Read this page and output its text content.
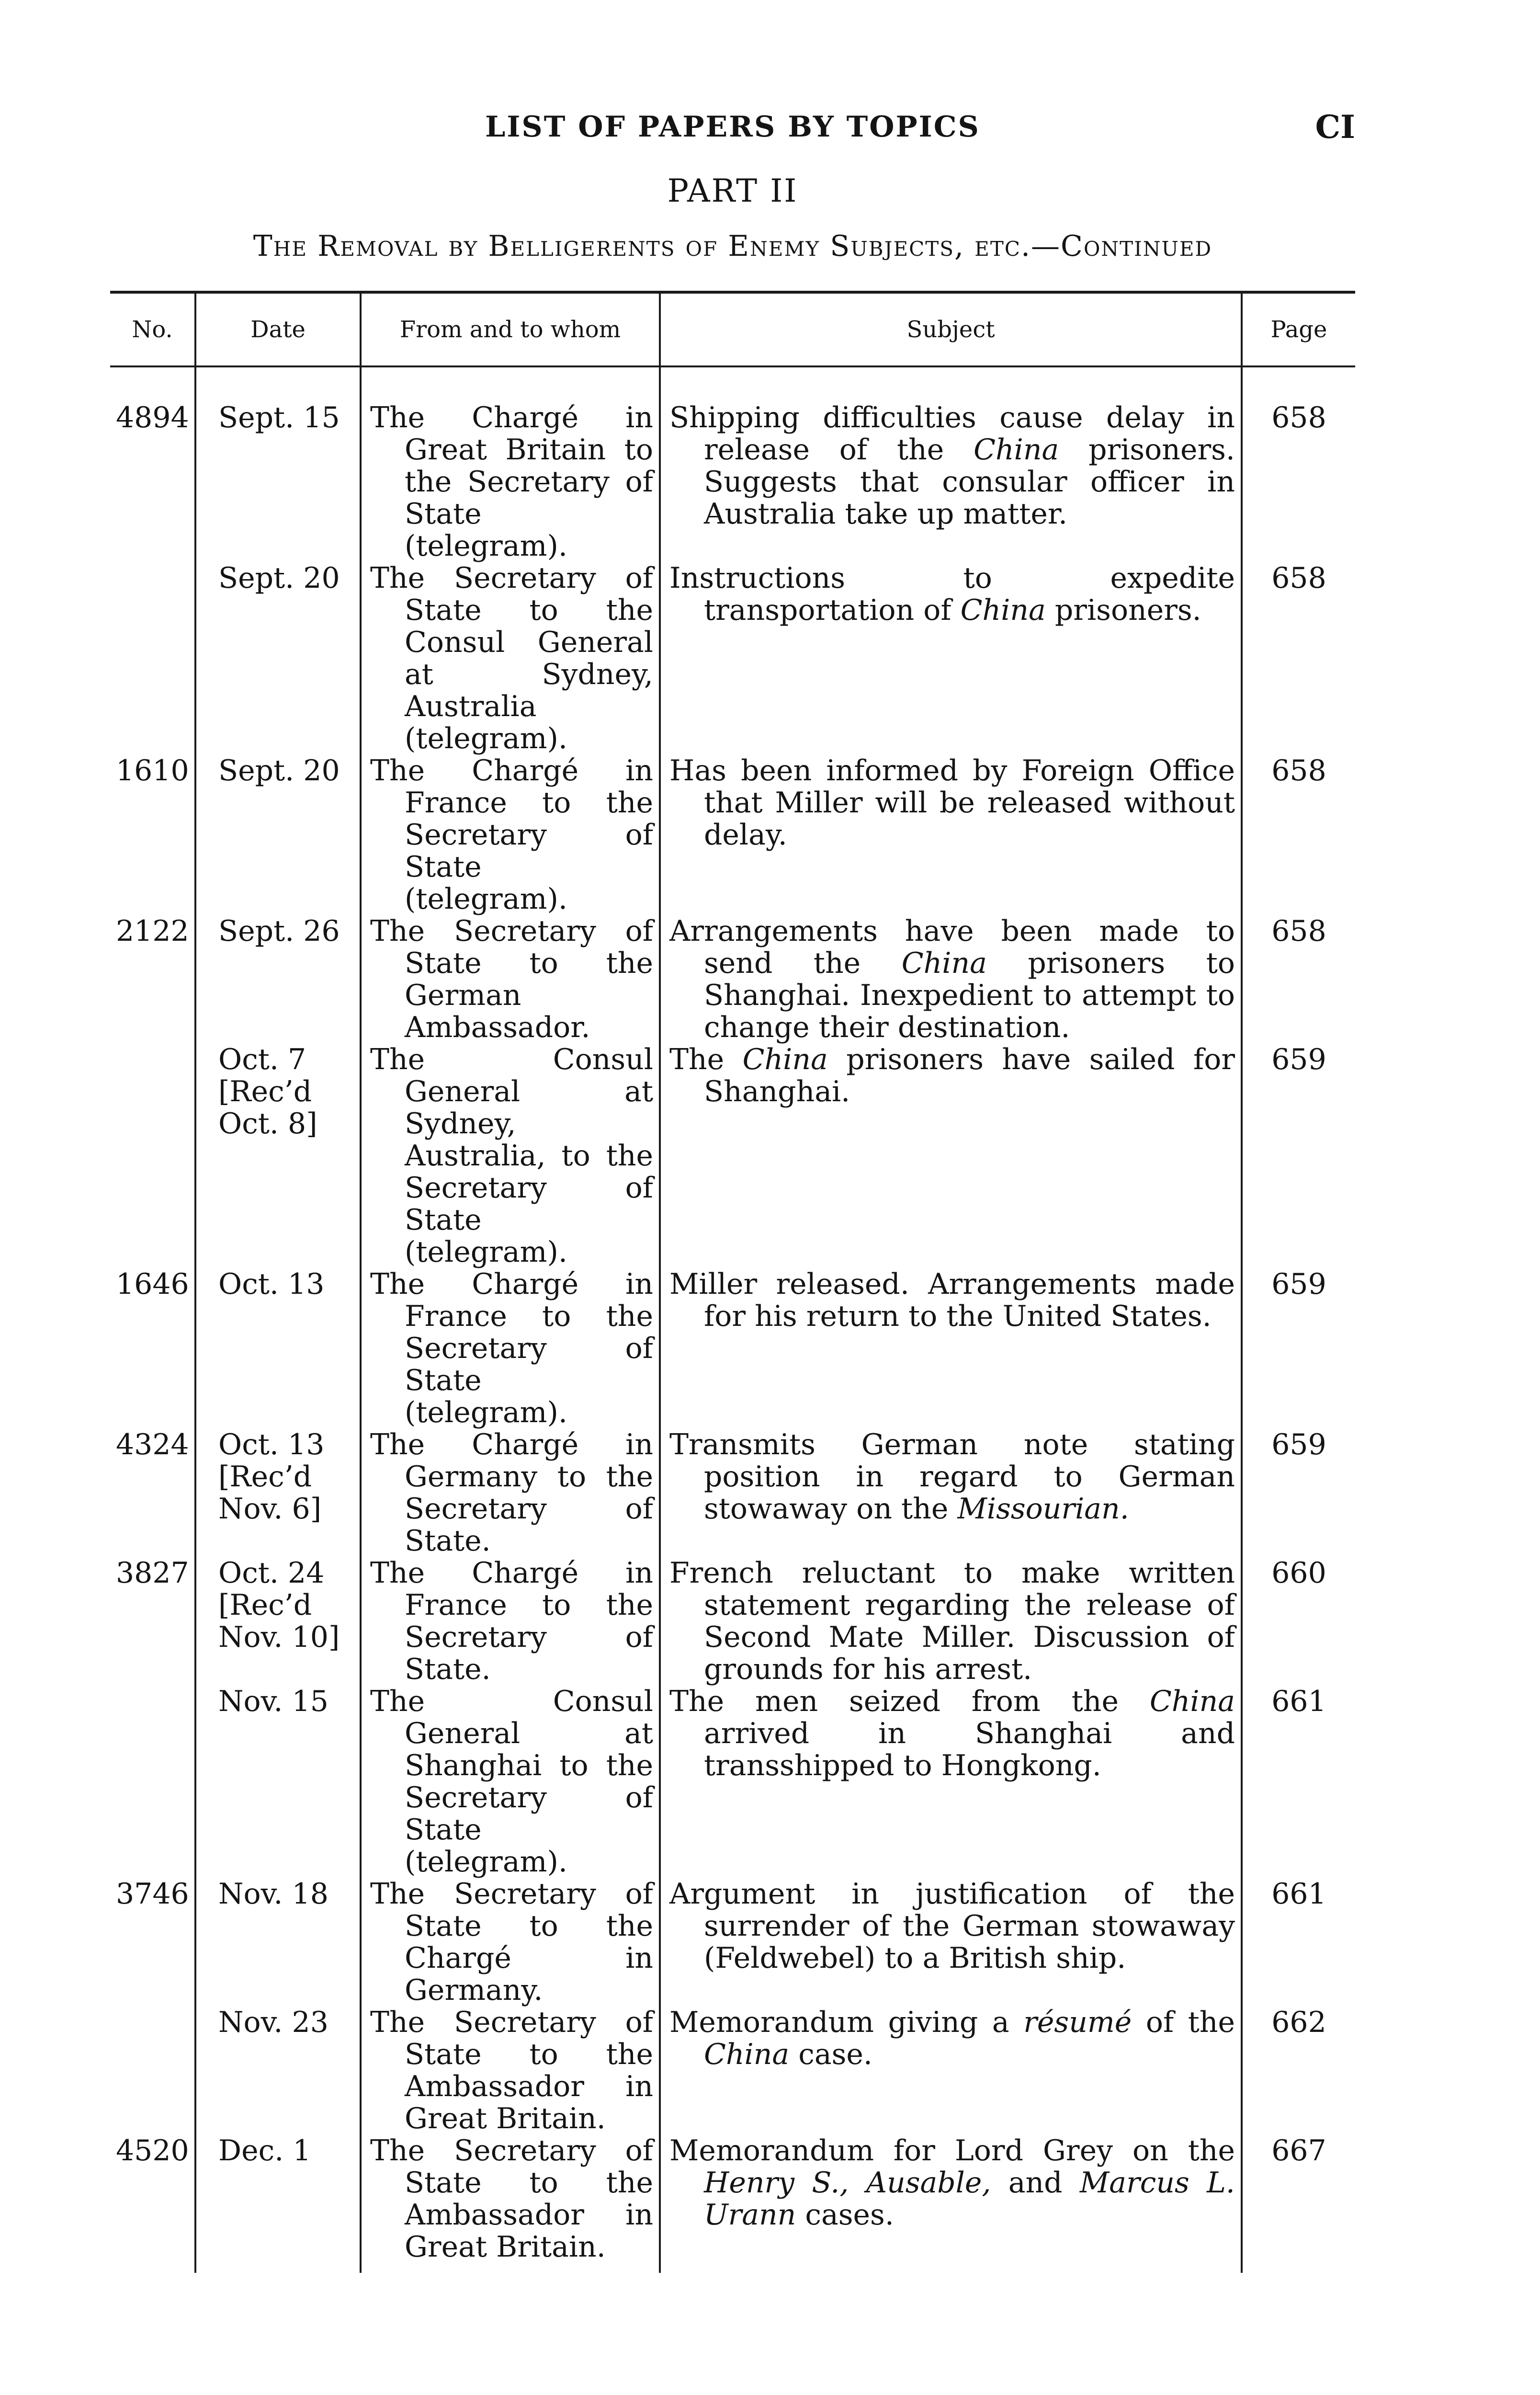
LIST OF PAPERS BY TOPICS	CI
PART II
The Removal by Belligerents of Enemy Subjects, etc.—Continued
No.	Date	From and to whom	Subject	Page
4894	Sept. 15	The Chargé in Great Britain to the Secretary of State (telegram).	Shipping difficulties cause delay in release of the China prisoners. Suggests that consular officer in Australia take up matter.	658
	Sept. 20	The Secretary of State to the Consul General at Sydney, Australia (telegram).	Instructions to expedite transportation of China prisoners.	658
1610	Sept. 20	The Chargé in France to the Secretary of State (telegram).	Has been informed by Foreign Office that Miller will be released without delay.	658
2122	Sept. 26	The Secretary of State to the German Ambassador.	Arrangements have been made to send the China prisoners to Shanghai. Inexpedient to attempt to change their destination.	658
	Oct. 7
[Rec’d
Oct. 8]	The Consul General at Sydney, Australia, to the Secretary of State (telegram).	The China prisoners have sailed for Shanghai.	659
1646	Oct. 13	The Chargé in France to the Secretary of State (telegram).	Miller released. Arrangements made for his return to the United States.	659
4324	Oct. 13
[Rec’d
Nov. 6]	The Chargé in Germany to the Secretary of State.	Transmits German note stating position in regard to German stowaway on the Missourian.	659
3827	Oct. 24
[Rec’d
Nov. 10]	The Chargé in France to the Secretary of State.	French reluctant to make written statement regarding the release of Second Mate Miller. Discussion of grounds for his arrest.	660
	Nov. 15	The Consul General at Shanghai to the Secretary of State (telegram).	The men seized from the China arrived in Shanghai and transshipped to Hongkong.	661
3746	Nov. 18	The Secretary of State to the Chargé in Germany.	Argument in justification of the surrender of the German stowaway (Feldwebel) to a British ship.	661
	Nov. 23	The Secretary of State to the Ambassador in Great Britain.	Memorandum giving a résumé of the China case.	662
4520	Dec. 1	The Secretary of State to the Ambassador in Great Britain.	Memorandum for Lord Grey on the Henry S., Ausable, and Marcus L. Urann cases.	667
